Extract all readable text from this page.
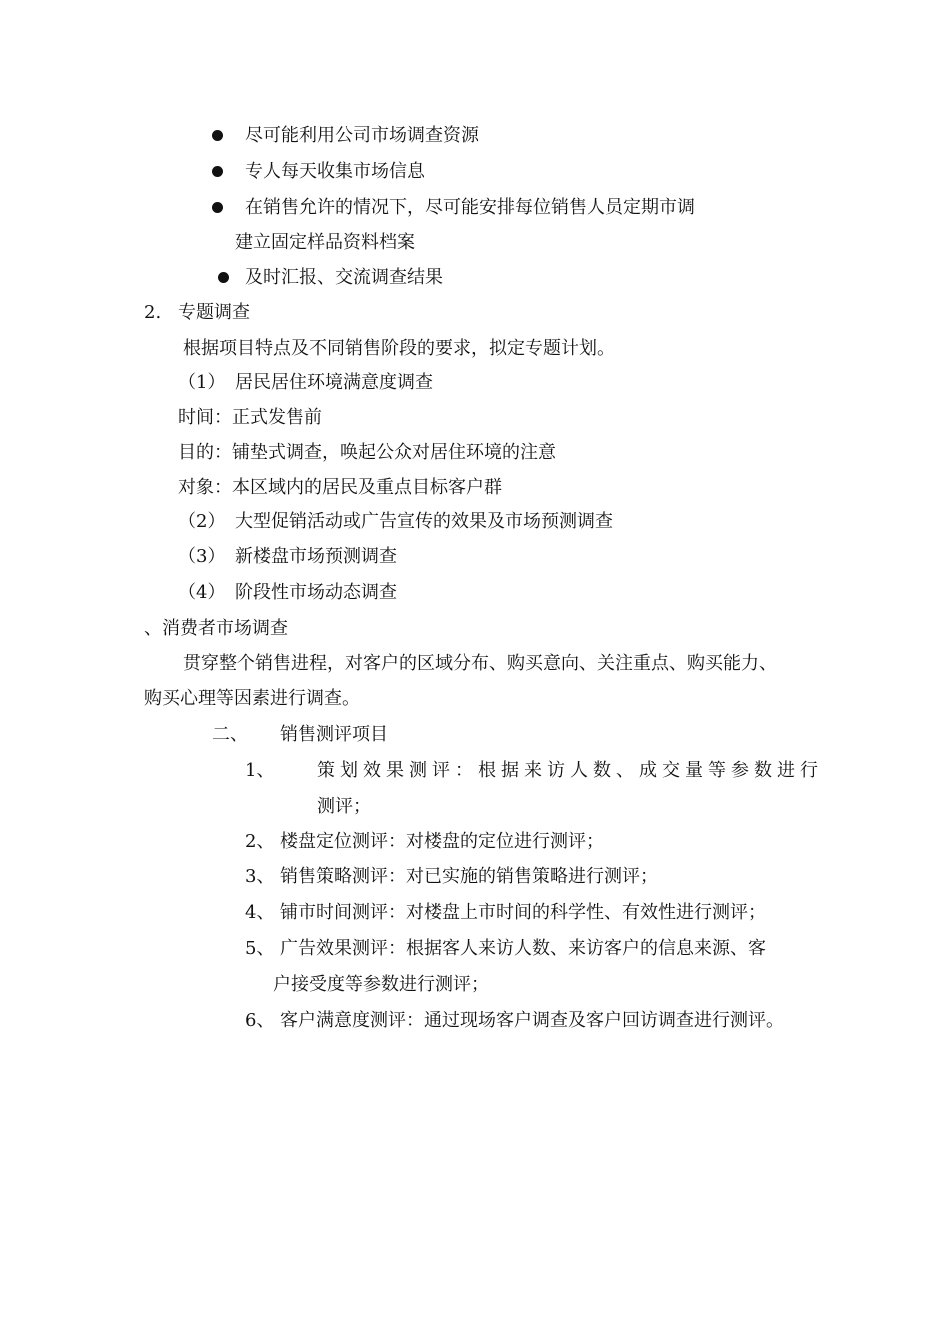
尽可能利用公司市场调查资源
专人每天收集市场信息
在销售允许的情况下，尽可能安排每位销售人员定期市调
建立固定样品资料档案
及时汇报、交流调查结果
2. 专题调查
根据项目特点及不同销售阶段的要求，拟定专题计划。
（1） 居民居住环境满意度调查
时间：正式发售前
目的：铺垫式调查，唤起公众对居住环境的注意
对象：本区域内的居民及重点目标客户群
（2） 大型促销活动或广告宣传的效果及市场预测调查
（3） 新楼盘市场预测调查
（4） 阶段性市场动态调查
、消费者市场调查
贯穿整个销售进程，对客户的区域分布、购买意向、关注重点、购买能力、
购买心理等因素进行调查。
二、 销售测评项目
1、 策划效果测评：根据来访人数、成交量等参数进行
测评；
2、 楼盘定位测评：对楼盘的定位进行测评；
3、 销售策略测评：对已实施的销售策略进行测评；
4、 铺市时间测评：对楼盘上市时间的科学性、有效性进行测评；
5、 广告效果测评：根据客人来访人数、来访客户的信息来源、客
户接受度等参数进行测评；
6、 客户满意度测评：通过现场客户调查及客户回访调查进行测评。
